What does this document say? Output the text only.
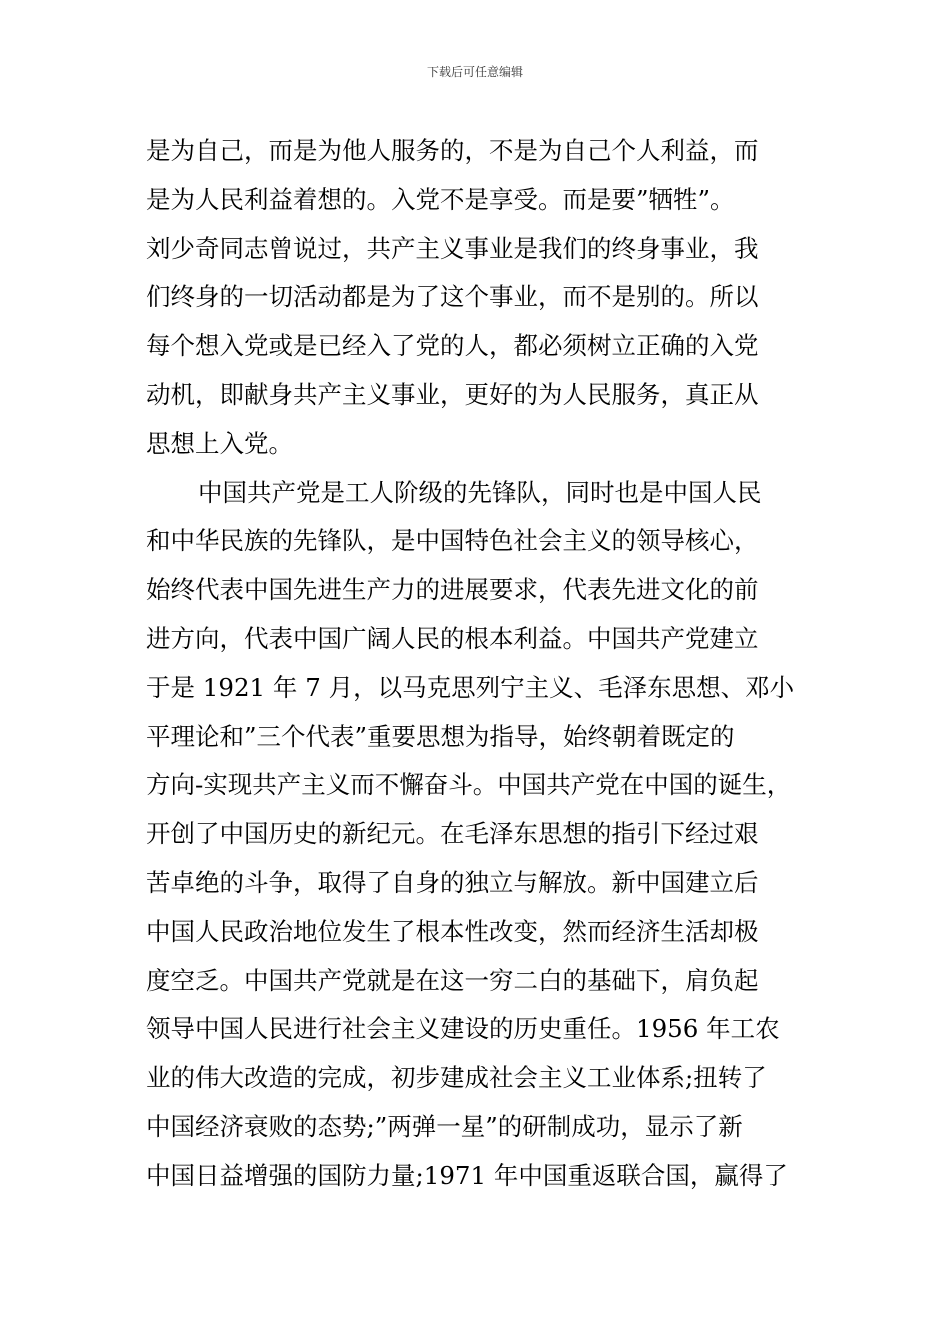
下载后可任意编辑
是为自己，而是为他人服务的，不是为自己个人利益，而
是为人民利益着想的。入党不是享受。而是要”牺牲”。
刘少奇同志曾说过，共产主义事业是我们的终身事业，我
们终身的一切活动都是为了这个事业，而不是别的。所以
每个想入党或是已经入了党的人，都必须树立正确的入党
动机，即献身共产主义事业，更好的为人民服务，真正从
思想上入党。
中国共产党是工人阶级的先锋队，同时也是中国人民
和中华民族的先锋队，是中国特色社会主义的领导核心，
始终代表中国先进生产力的进展要求，代表先进文化的前
进方向，代表中国广阔人民的根本利益。中国共产党建立
于是 1921 年 7 月，以马克思列宁主义、毛泽东思想、邓小
平理论和”三个代表”重要思想为指导，始终朝着既定的
方向-实现共产主义而不懈奋斗。中国共产党在中国的诞生，
开创了中国历史的新纪元。在毛泽东思想的指引下经过艰
苦卓绝的斗争，取得了自身的独立与解放。新中国建立后
中国人民政治地位发生了根本性改变，然而经济生活却极
度空乏。中国共产党就是在这一穷二白的基础下，肩负起
领导中国人民进行社会主义建设的历史重任。1956 年工农
业的伟大改造的完成，初步建成社会主义工业体系;扭转了
中国经济衰败的态势;”两弹一星”的研制成功，显示了新
中国日益增强的国防力量;1971 年中国重返联合国，赢得了
